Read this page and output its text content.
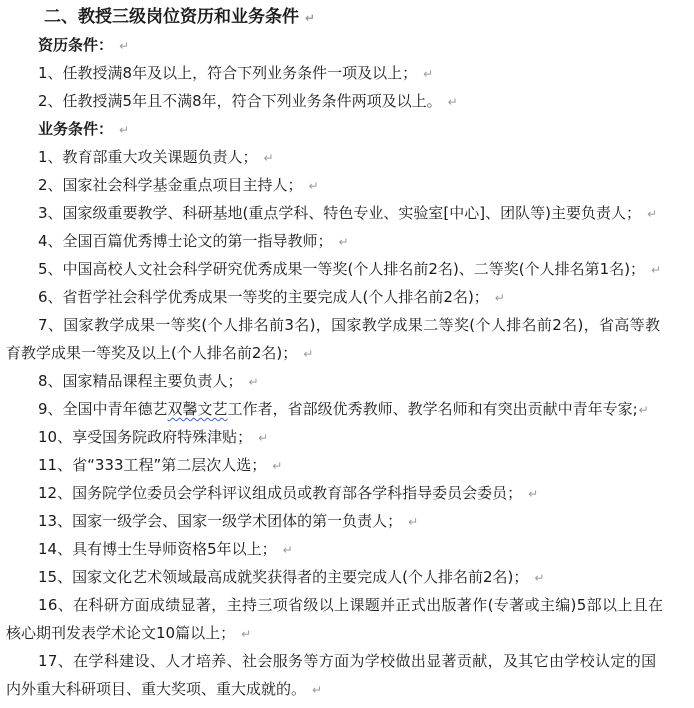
二、教授三级岗位资历和业务条件 ↵
资历条件： ↵
1、任教授满8年及以上，符合下列业务条件一项及以上； ↵
2、任教授满5年且不满8年，符合下列业务条件两项及以上。 ↵
业务条件： ↵
1、教育部重大攻关课题负责人； ↵
2、国家社会科学基金重点项目主持人； ↵
3、国家级重要教学、科研基地(重点学科、特色专业、实验室[中心]、团队等)主要负责人； ↵
4、全国百篇优秀博士论文的第一指导教师； ↵
5、中国高校人文社会科学研究优秀成果一等奖(个人排名前2名)、二等奖(个人排名第1名)； ↵
6、省哲学社会科学优秀成果一等奖的主要完成人(个人排名前2名)； ↵
7、国家教学成果一等奖(个人排名前3名)，国家教学成果二等奖(个人排名前2名)，省高等教
育教学成果一等奖及以上(个人排名前2名)； ↵
8、国家精品课程主要负责人； ↵
9、全国中青年德艺双馨文艺工作者，省部级优秀教师、教学名师和有突出贡献中青年专家;↵
10、享受国务院政府特殊津贴； ↵
11、省“333工程”第二层次人选； ↵
12、国务院学位委员会学科评议组成员或教育部各学科指导委员会委员； ↵
13、国家一级学会、国家一级学术团体的第一负责人； ↵
14、具有博士生导师资格5年以上； ↵
15、国家文化艺术领域最高成就奖获得者的主要完成人(个人排名前2名)； ↵
16、在科研方面成绩显著，主持三项省级以上课题并正式出版著作(专著或主编)5部以上且在
核心期刊发表学术论文10篇以上； ↵
17、在学科建设、人才培养、社会服务等方面为学校做出显著贡献，及其它由学校认定的国
内外重大科研项目、重大奖项、重大成就的。 ↵
